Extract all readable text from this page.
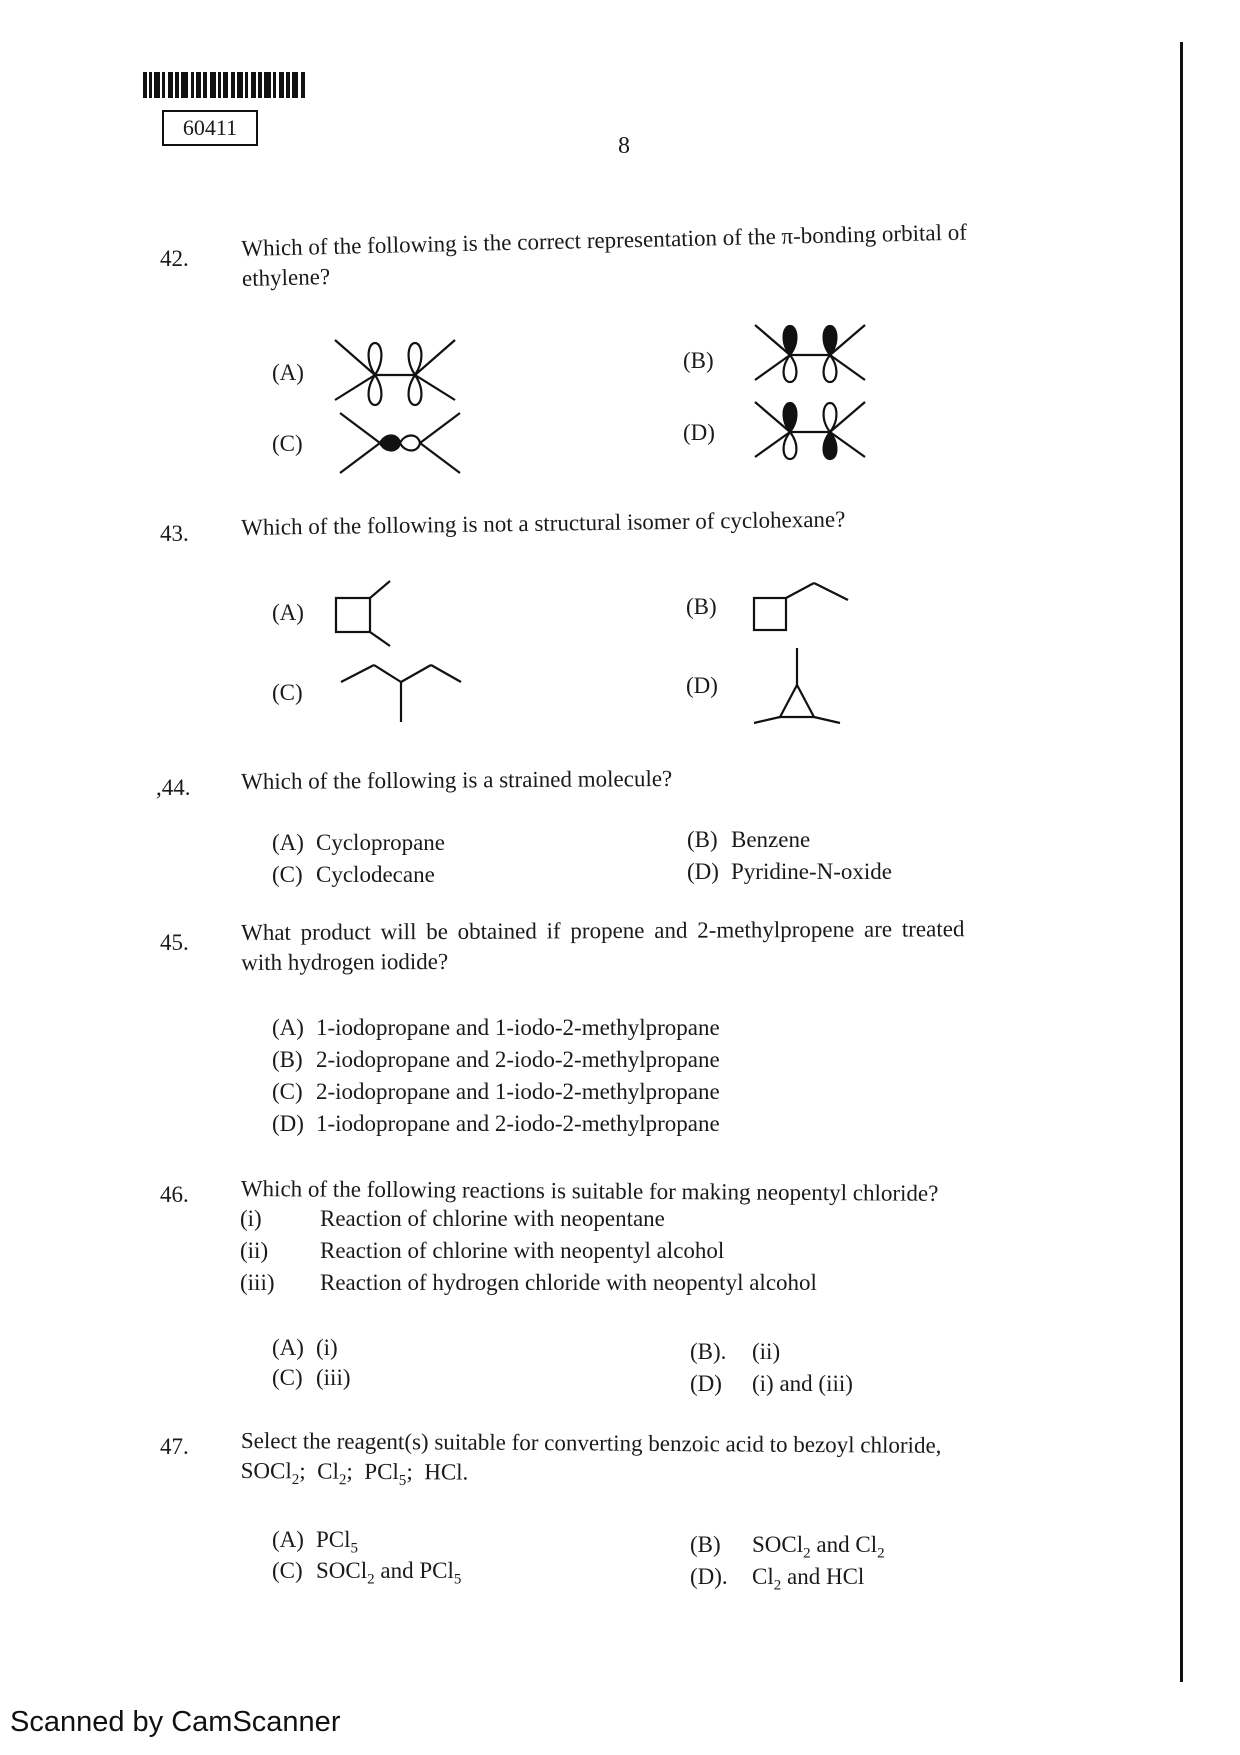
60411
8
42. Which of the following is the correct representation of the π-bonding orbital of
ethylene?
(A)	(B)
(C)	(D)
43. Which of the following is not a structural isomer of cyclohexane?
(A)	(B)
(C)	(D)
,44. Which of the following is a strained molecule?
(A) Cyclopropane	(B) Benzene
(C) Cyclodecane	(D) Pyridine-N-oxide
45. What product will be obtained if propene and 2-methylpropene are treated
with hydrogen iodide?
(A) 1-iodopropane and 1-iodo-2-methylpropane
(B) 2-iodopropane and 2-iodo-2-methylpropane
(C) 2-iodopropane and 1-iodo-2-methylpropane
(D) 1-iodopropane and 2-iodo-2-methylpropane
46. Which of the following reactions is suitable for making neopentyl chloride?
(i)	Reaction of chlorine with neopentane
(ii) Reaction of chlorine with neopentyl alcohol
(iii) Reaction of hydrogen chloride with neopentyl alcohol
(A) (i)	(B). (ii)
(C) (iii)	(D) (i) and (iii)
47. Select the reagent(s) suitable for converting benzoic acid to bezoyl chloride,
SOCl$_2$;  $Cl_2$;  PCl$_5$;  HCl.
(A) PCl$_5$	(B) SOCl$_2$ and $Cl_2$
(C) SOCl$_2$ and PCl$_5$	(D). $Cl_2$ and HCl
Scanned by CamScanner
